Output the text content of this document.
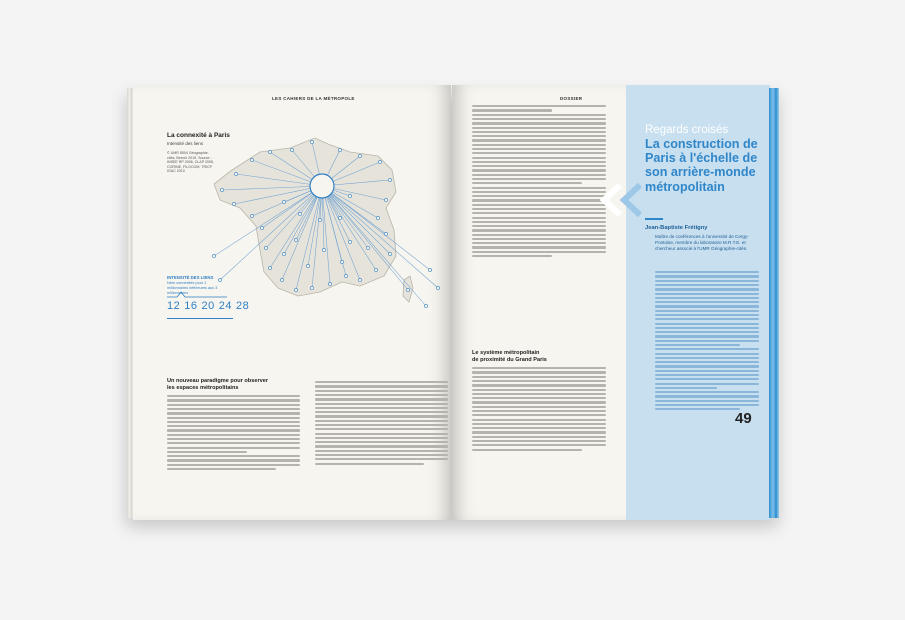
LES CAHIERS DE LA MÉTROPOLE	DOSSIER
La connexité à Paris
Intensité des liens
© UMR 8504 Géographie-cités, Berroir 2015. Source : INSEE RP 2006, CLAP 2006, CORINE, FILOCOM, TRICP IGAC 2010
INTENSITÉ DES LIENS
Nbre connexités pour 1 millionnaires inférieures aux 3 millionnaires
12 16 20 24 28
Un nouveau paradigme pour observer
les espaces métropolitains
Le système métropolitain
de proximité du Grand Paris
Regards croisés
La construction de Paris à l'échelle de son arrière-monde métropolitain
Jean-Baptiste Frétigny
Maître de conférences à l'université de Cergy-Pontoise, membre du laboratoire M.R.T.E. et chercheur associé à l'UMR Géographie-cités.
49
